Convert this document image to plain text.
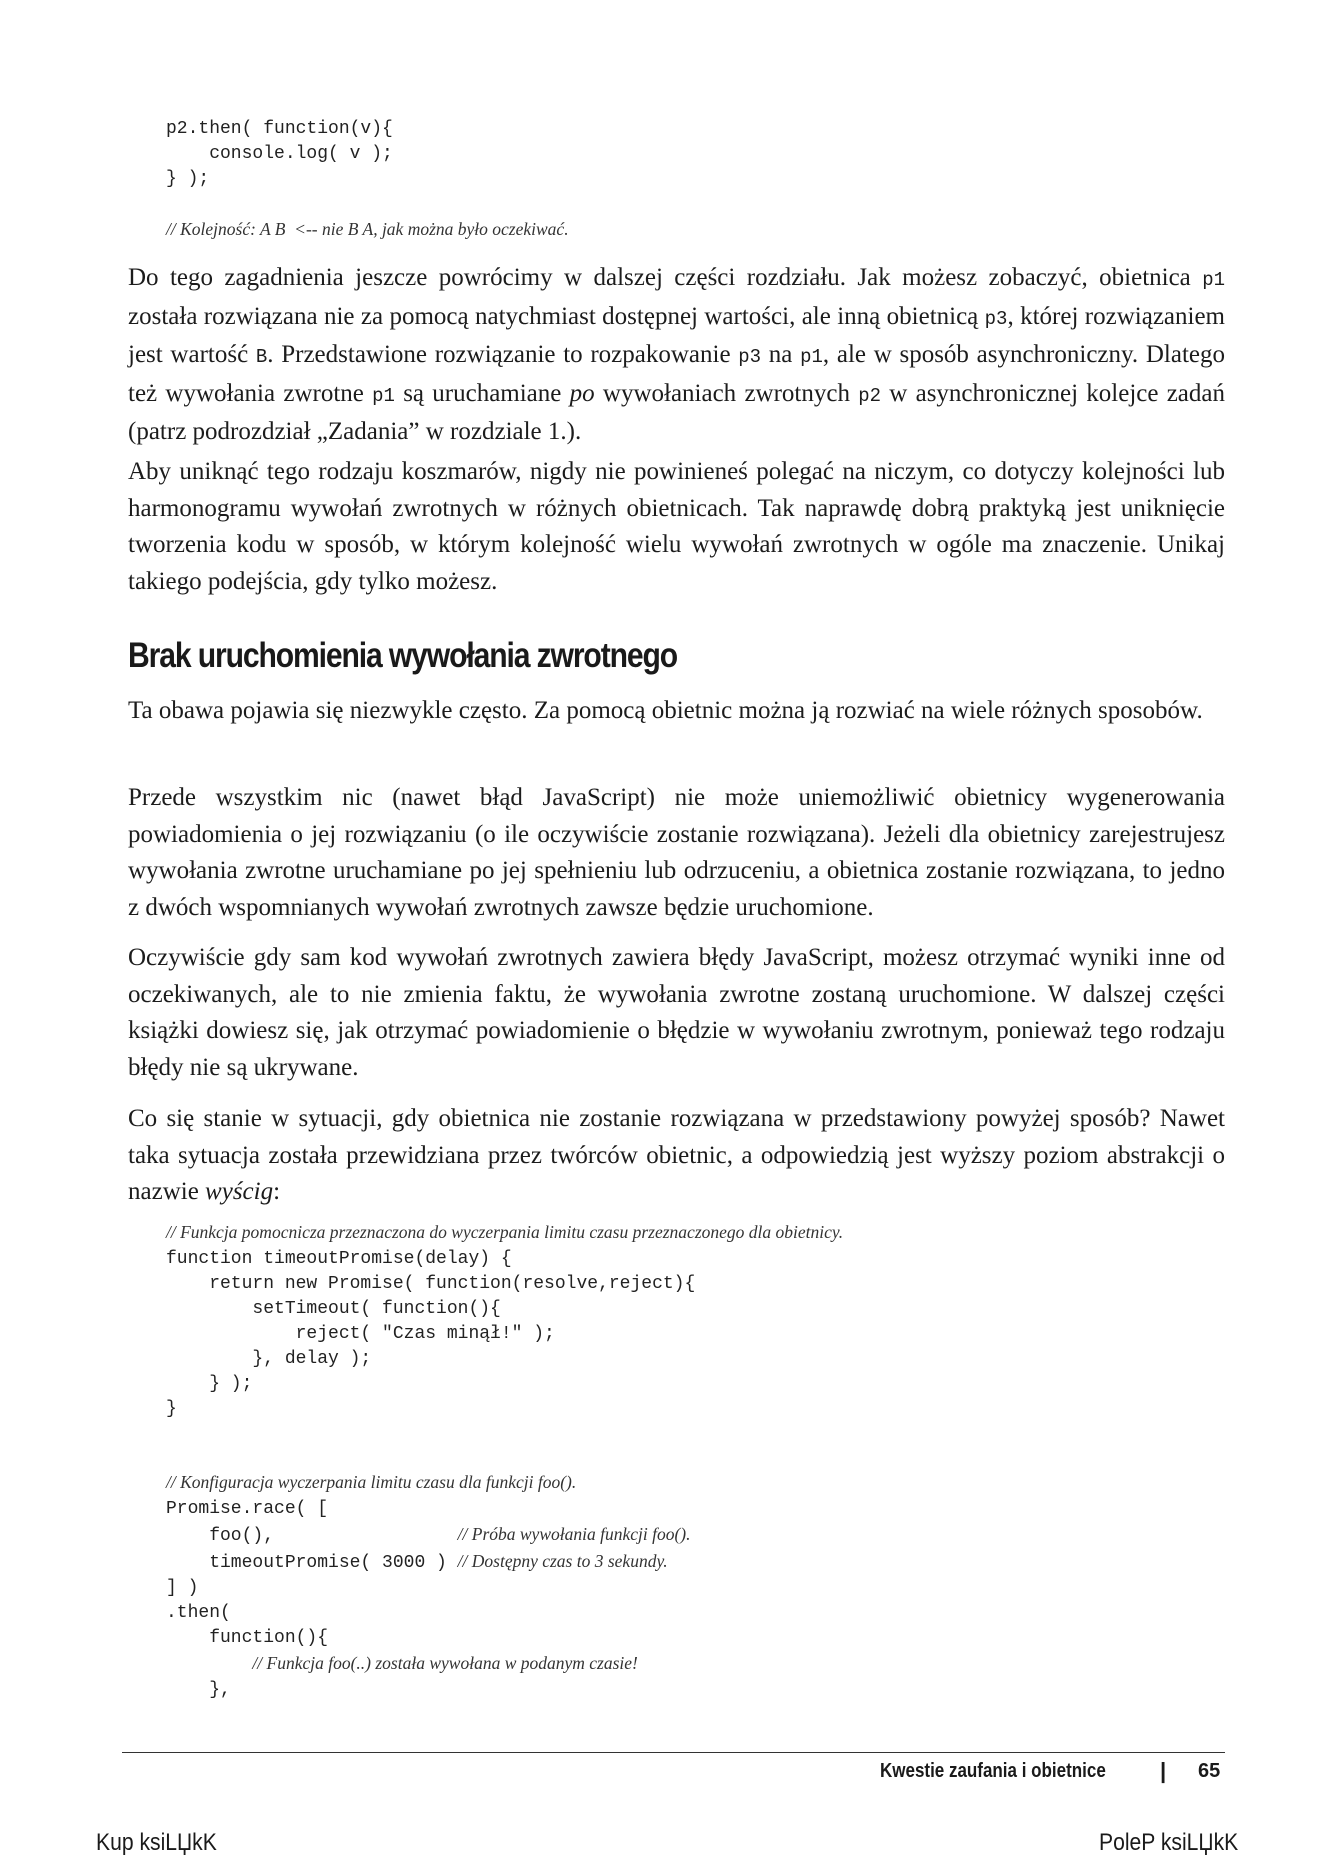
p2.then( function(v){
console.log( v );
} );

// Kolejność: A B  <-- nie B A, jak można było oczekiwać.

Do tego zagadnienia jeszcze powrócimy w dalszej części rozdziału. Jak możesz zobaczyć, obietnica p1 została rozwiązana nie za pomocą natychmiast dostępnej wartości, ale inną obietnicą p3, której rozwiązaniem jest wartość B. Przedstawione rozwiązanie to rozpakowanie p3 na p1, ale w sposób asynchroniczny. Dlatego też wywołania zwrotne p1 są uruchamiane po wywołaniach zwrotnych p2 w asynchronicznej kolejce zadań (patrz podrozdział „Zadania” w rozdziale 1.).

Aby uniknąć tego rodzaju koszmarów, nigdy nie powinieneś polegać na niczym, co dotyczy kolejności lub harmonogramu wywołań zwrotnych w różnych obietnicach. Tak naprawdę dobrą praktyką jest uniknięcie tworzenia kodu w sposób, w którym kolejność wielu wywołań zwrotnych w ogóle ma znaczenie. Unikaj takiego podejścia, gdy tylko możesz.

Brak uruchomienia wywołania zwrotnego

Ta obawa pojawia się niezwykle często. Za pomocą obietnic można ją rozwiać na wiele różnych sposobów.

Przede wszystkim nic (nawet błąd JavaScript) nie może uniemożliwić obietnicy wygenerowania powiadomienia o jej rozwiązaniu (o ile oczywiście zostanie rozwiązana). Jeżeli dla obietnicy zarejestrujesz wywołania zwrotne uruchamiane po jej spełnieniu lub odrzuceniu, a obietnica zostanie rozwiązana, to jedno z dwóch wspomnianych wywołań zwrotnych zawsze będzie uruchomione.

Oczywiście gdy sam kod wywołań zwrotnych zawiera błędy JavaScript, możesz otrzymać wyniki inne od oczekiwanych, ale to nie zmienia faktu, że wywołania zwrotne zostaną uruchomione. W dalszej części książki dowiesz się, jak otrzymać powiadomienie o błędzie w wywołaniu zwrotnym, ponieważ tego rodzaju błędy nie są ukrywane.

Co się stanie w sytuacji, gdy obietnica nie zostanie rozwiązana w przedstawiony powyżej sposób? Nawet taka sytuacja została przewidziana przez twórców obietnic, a odpowiedzią jest wyższy poziom abstrakcji o nazwie wyścig:

// Funkcja pomocnicza przeznaczona do wyczerpania limitu czasu przeznaczonego dla obietnicy.
function timeoutPromise(delay) {
return new Promise( function(resolve,reject){
setTimeout( function(){
reject( "Czas minął!" );
}, delay );
} );
}
// Konfiguracja wyczerpania limitu czasu dla funkcji foo().
Promise.race( [
foo(),                 // Próba wywołania funkcji foo().
timeoutPromise( 3000 ) // Dostępny czas to 3 sekundy.
] )
.then(
function(){
// Funkcja foo(..) została wywołana w podanym czasie!
},
Kwestie zaufania i obietnice | 65
Kup ksiLЏkK	PoleP ksiLЏkK
